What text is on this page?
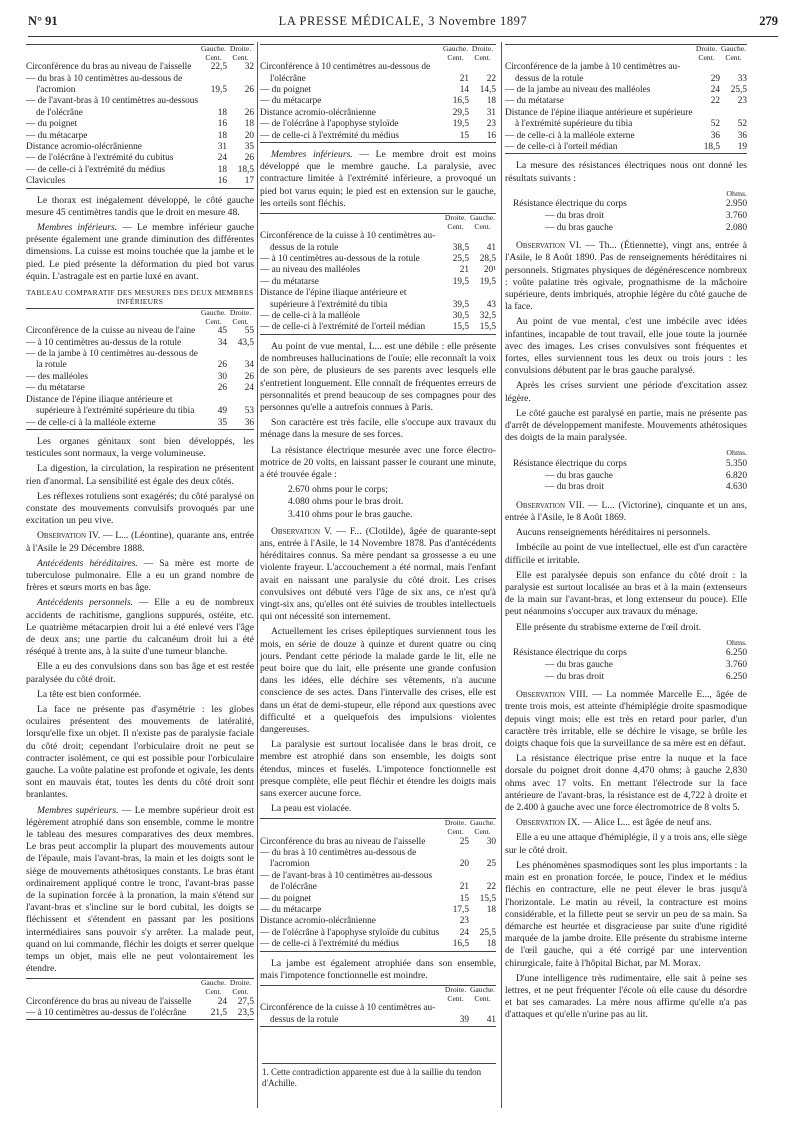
N° 91	LA PRESSE MÉDICALE, 3 Novembre 1897	279
	Gauche. Cent.	Droite. Cent.
Circonférence du bras au niveau de l'aisselle	22,5	32
— du bras à 10 centimètres au-dessous de l'acromion	19,5	26
— de l'avant-bras à 10 centimètres au-dessous de l'olécrâne	18	26
— du poignet	16	18
— du métacarpe	18	20
Distance acromio-olécrânienne	31	35
— de l'olécrâne à l'extrémité du cubitus	24	26
— de celle-ci à l'extrémité du médius	18	18,5
Clavicules	16	17

Le thorax est inégalement développé, le côté gauche mesure 45 centimètres tandis que le droit en mesure 48.

Membres inférieurs. — Le membre inférieur gauche présente également une grande diminution des différentes dimensions. La cuisse est moins touchée que la jambe et le pied. Le pied présente la déformation du pied bot varus équin. L'astragale est en partie luxé en avant.

TABLEAU COMPARATIF DES MESURES DES DEUX MEMBRES INFÉRIEURS
	Gauche. Cent.	Droite. Cent.
Circonférence de la cuisse au niveau de l'aine	45	55
— à 10 centimètres au-dessus de la rotule	34	43,5
— de la jambe à 10 centimètres au-dessous de la rotule	26	34
— des malléoles	30	26
— du métatarse	26	24
Distance de l'épine iliaque antérieure et supérieure à l'extrémité supérieure du tibia	49	53
— de celle-ci à la malléole externe	35	36

Les organes génitaux sont bien développés, les testicules sont normaux, la verge volumineuse.

La digestion, la circulation, la respiration ne présentent rien d'anormal. La sensibilité est égale des deux côtés.

Les réflexes rotuliens sont exagérés; du côté paralysé on constate des mouvements convulsifs provoqués par une excitation un peu vive.

Observation IV. — L... (Léontine), quarante ans, entrée à l'Asile le 29 Décembre 1888.

Antécédents héréditaires. — Sa mère est morte de tuberculose pulmonaire. Elle a eu un grand nombre de frères et sœurs morts en bas âge.

Antécédents personnels. — Elle a eu de nombreux accidents de rachitisme, ganglions suppurés, ostéite, etc. Le quatrième métacarpien droit lui a été enlevé vers l'âge de deux ans; une partie du calcanéum droit lui a été réséqué à trente ans, à la suite d'une tumeur blanche.

Elle a eu des convulsions dans son bas âge et est restée paralysée du côté droit.

La tête est bien conformée.

La face ne présente pas d'asymétrie : les globes oculaires présentent des mouvements de latéralité, lorsqu'elle fixe un objet. Il n'existe pas de paralysie faciale du côté droit; cependant l'orbiculaire droit ne peut se contracter isolément, ce qui est possible pour l'orbiculaire gauche. La voûte palatine est profonde et ogivale, les dents sont en mauvais état, toutes les dents du côté droit sont branlantes.

Membres supérieurs. — Le membre supérieur droit est légèrement atrophié dans son ensemble, comme le montre le tableau des mesures comparatives des deux membres. Le bras peut accomplir la plupart des mouvements autour de l'épaule, mais l'avant-bras, la main et les doigts sont le siège de mouvements athétosiques constants. Le bras étant ordinairement appliqué contre le tronc, l'avant-bras passe de la supination forcée à la pronation, la main s'étend sur l'avant-bras et s'incline sur le bord cubital, les doigts se fléchissent et s'étendent en passant par les positions intermédiaires sans pouvoir s'y arrêter. La malade peut, quand on lui commande, fléchir les doigts et serrer quelque temps un objet, mais elle ne peut volontairement les étendre.

	Gauche. Cent.	Droite. Cent.
Circonférence du bras au niveau de l'aisselle	24	27,5
— à 10 centimètres au-dessus de l'olécrâne	21,5	23,5
	Gauche. Cent.	Droite. Cent.
Circonférence à 10 centimètres au-dessous de l'olécrâne	21	22
— du poignet	14	14,5
— du métacarpe	16,5	18
Distance acromio-olécrânienne	29,5	31
— de l'olécrâne à l'apophyse styloïde	19,5	23
— de celle-ci à l'extrémité du médius	15	16

Membres inférieurs. — Le membre droit est moins développé que le membre gauche. La paralysie, avec contracture limitée à l'extrémité inférieure, a provoqué un pied bot varus equin; le pied est en extension sur le gauche, les orteils sont fléchis.

	Droite. Cent.	Gauche. Cent.
Circonférence de la cuisse à 10 centimètres au-dessus de la rotule	38,5	41
— à 10 centimètres au-dessous de la rotule	25,5	28,5
— au niveau des malléoles	21	20¹
— du métatarse	19,5	19,5
Distance de l'épine iliaque antérieure et supérieure à l'extrémité du tibia	39,5	43
— de celle-ci à la malléole	30,5	32,5
— de celle-ci à l'extrémité de l'orteil médian	15,5	15,5

Au point de vue mental, L... est une débile : elle présente de nombreuses hallucinations de l'ouïe; elle reconnaît la voix de son père, de plusieurs de ses parents avec lesquels elle s'entretient longuement. Elle connaît de fréquentes erreurs de personnalités et prend beaucoup de ses compagnes pour des personnes qu'elle a autrefois connues à Paris.

Son caractère est très facile, elle s'occupe aux travaux du ménage dans la mesure de ses forces.

La résistance électrique mesurée avec une force électro-motrice de 20 volts, en laissant passer le courant une minute, a été trouvée égale :

2.670 ohms pour le corps;
4.080 ohms pour le bras droit.
3.410 ohms pour le bras gauche.

Observation V. — F... (Clotilde), âgée de quarante-sept ans, entrée à l'Asile, le 14 Novembre 1878. Pas d'antécédents héréditaires connus. Sa mère pendant sa grossesse a eu une violente frayeur. L'accouchement a été normal, mais l'enfant avait en naissant une paralysie du côté droit. Les crises convulsives ont débuté vers l'âge de six ans, ce n'est qu'à vingt-six ans, qu'elles ont été suivies de troubles intellectuels qui ont nécessité son internement.

Actuellement les crises épileptiques surviennent tous les mois, en série de douze à quinze et durent quatre ou cinq jours. Pendant cette période la malade garde le lit, elle ne peut boire que du lait, elle présente une grande confusion dans les idées, elle déchire ses vêtements, n'a aucune conscience de ses actes. Dans l'intervalle des crises, elle est dans un état de demi-stupeur, elle répond aux questions avec difficulté et a quelquefois des impulsions violentes dangereuses.

La paralysie est surtout localisée dans le bras droit, ce membre est atrophié dans son ensemble, les doigts sont étendus, minces et fuselés. L'impotence fonctionnelle est presque complète, elle peut fléchir et étendre les doigts mais sans exercer aucune force.

La peau est violacée.

	Droite. Cent.	Gauche. Cent.
Circonférence du bras au niveau de l'aisselle	25	30
— du bras à 10 centimètres au-dessous de l'acromion	20	25
— de l'avant-bras à 10 centimètres au-dessous de l'olécrâne	21	22
— du poignet	15	15,5
— du métacarpe	17,5	18
Distance acromio-olécrânienne	23	
— de l'olécrâne à l'apophyse styloïde du cubitus	24	25,5
— de celle-ci à l'extrémité du médius	16,5	18

La jambe est également atrophiée dans son ensemble, mais l'impotence fonctionnelle est moindre.

	Droite. Cent.	Gauche. Cent.
Circonférence de la cuisse à 10 centimètres au-dessus de la rotule	39	41
1. Cette contradiction apparente est due à la saillie du tendon d'Achille.
	Droite. Cent.	Gauche. Cent.
Circonférence de la jambe à 10 centimètres au-dessus de la rotule	29	33
— de la jambe au niveau des malléoles	24	25,5
— du métatarse	22	23
Distance de l'épine iliaque antérieure et supérieure à l'extrémité supérieure du tibia	52	52
— de celle-ci à la malléole externe	36	36
— de celle-ci à l'orteil médian	18,5	19

La mesure des résistances électriques nous ont donné les résultats suivants :

Ohms.
Résistance électrique du corps	2.950
— du bras droit	3.760
— du bras gauche	2.080

Observation VI. — Th... (Étiennette), vingt ans, entrée à l'Asile, le 8 Août 1890. Pas de renseignements héréditaires ni personnels. Stigmates physiques de dégénérescence nombreux : voûte palatine très ogivale, prognathisme de la mâchoire supérieure, dents imbriqués, atrophie légère du côté gauche de la face.

Au point de vue mental, c'est une imbécile avec idées infantines, incapable de tout travail, elle joue toute la journée avec des images. Les crises convulsives sont fréquentes et fortes, elles surviennent tous les deux ou trois jours : les convulsions débutent par le bras gauche paralysé.

Après les crises survient une période d'excitation assez légère.

Le côté gauche est paralysé en partie, mais ne présente pas d'arrêt de développement manifeste. Mouvements athétosiques des doigts de la main paralysée.

Ohms.
Résistance électrique du corps	5.350
— du bras gauche	6.820
— du bras droit	4.630

Observation VII. — L... (Victorine), cinquante et un ans, entrée à l'Asile, le 8 Août 1869.

Aucuns renseignements héréditaires ni personnels.

Imbécile au point de vue intellectuel, elle est d'un caractère difficile et irritable.

Elle est paralysée depuis son enfance du côté droit : la paralysie est surtout localisée au bras et à la main (extenseurs de la main sur l'avant-bras, et long extenseur du pouce). Elle peut néanmoins s'occuper aux travaux du ménage.

Elle présente du strabisme externe de l'œil droit.

Ohms.
Résistance électrique du corps	6.250
— du bras gauche	3.760
— du bras droit	6.250

Observation VIII. — La nommée Marcelle E..., âgée de trente trois mois, est atteinte d'hémiplégie droite spasmodique depuis vingt mois; elle est très en retard pour parler, d'un caractère très irritable, elle se déchire le visage, se brûle les doigts chaque fois que la surveillance de sa mère est en défaut.

La résistance électrique prise entre la nuque et la face dorsale du poignet droit donne 4,470 ohms; à gauche 2,830 ohms avec 17 volts. En mettant l'électrode sur la face antérieure de l'avant-bras, la résistance est de 4,722 à droite et de 2.400 à gauche avec une force électromotrice de 8 volts 5.

Observation IX. — Alice L... est âgée de neuf ans.

Elle a eu une attaque d'hémiplégie, il y a trois ans, elle siège sur le côté droit.

Les phénomènes spasmodiques sont les plus importants : la main est en pronation forcée, le pouce, l'index et le médius fléchis en contracture, elle ne peut élever le bras jusqu'à l'horizontale. Le matin au réveil, la contracture est moins considérable, et la fillette peut se servir un peu de sa main. Sa démarche est heurtée et disgracieuse par suite d'une rigidité marquée de la jambe droite. Elle présente du strabisme interne de l'œil gauche, qui a été corrigé par une intervention chirurgicale, faite à l'hôpital Bichat, par M. Morax.

D'une intelligence très rudimentaire, elle sait à peine ses lettres, et ne peut fréquenter l'école où elle cause du désordre et bat ses camarades. La mère nous affirme qu'elle n'a pas d'attaques et qu'elle n'urine pas au lit.
